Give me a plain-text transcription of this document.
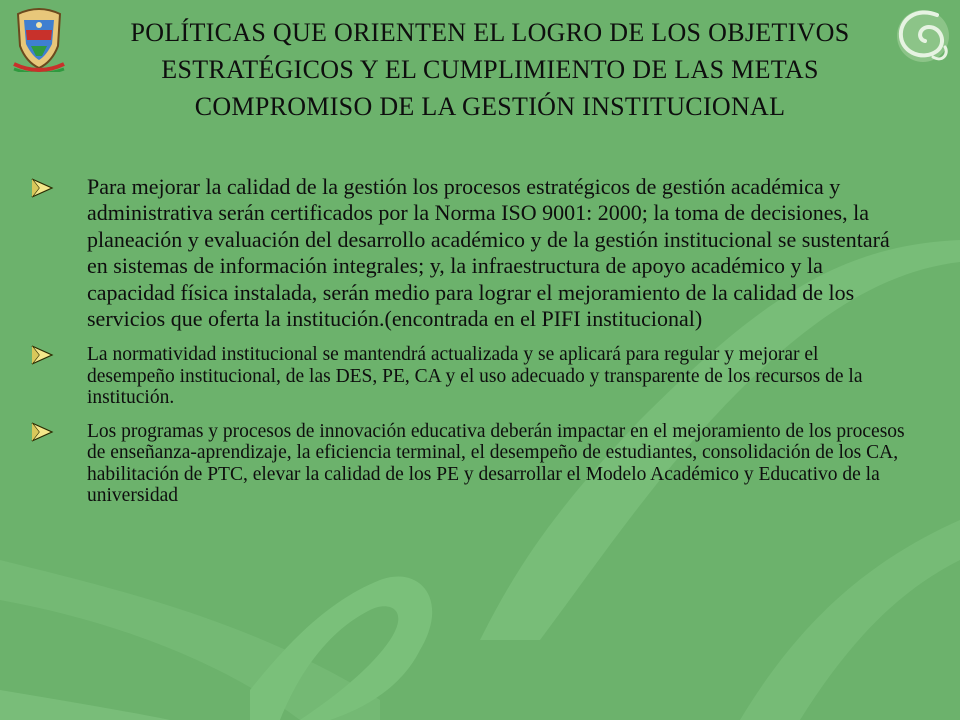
POLÍTICAS QUE ORIENTEN EL LOGRO DE LOS OBJETIVOS
ESTRATÉGICOS Y EL CUMPLIMIENTO DE LAS METAS
COMPROMISO DE LA GESTIÓN INSTITUCIONAL
Para mejorar la calidad de la gestión los procesos estratégicos de gestión académica y administrativa serán certificados por la Norma ISO 9001: 2000; la toma de decisiones, la planeación y evaluación del desarrollo académico y de la gestión institucional se sustentará en sistemas de información integrales; y, la infraestructura de apoyo académico y la capacidad física instalada, serán medio para lograr el mejoramiento de la calidad de los servicios que oferta la institución.(encontrada en el PIFI institucional)
La normatividad institucional se mantendrá actualizada y se aplicará para regular y mejorar el desempeño institucional, de las DES, PE, CA y el uso adecuado y transparente de los recursos de la institución.
Los programas y procesos de innovación educativa deberán impactar en el mejoramiento de los procesos de enseñanza-aprendizaje, la eficiencia terminal, el desempeño de estudiantes, consolidación de los CA, habilitación de PTC, elevar la calidad de los PE y desarrollar el Modelo Académico y Educativo de la universidad
